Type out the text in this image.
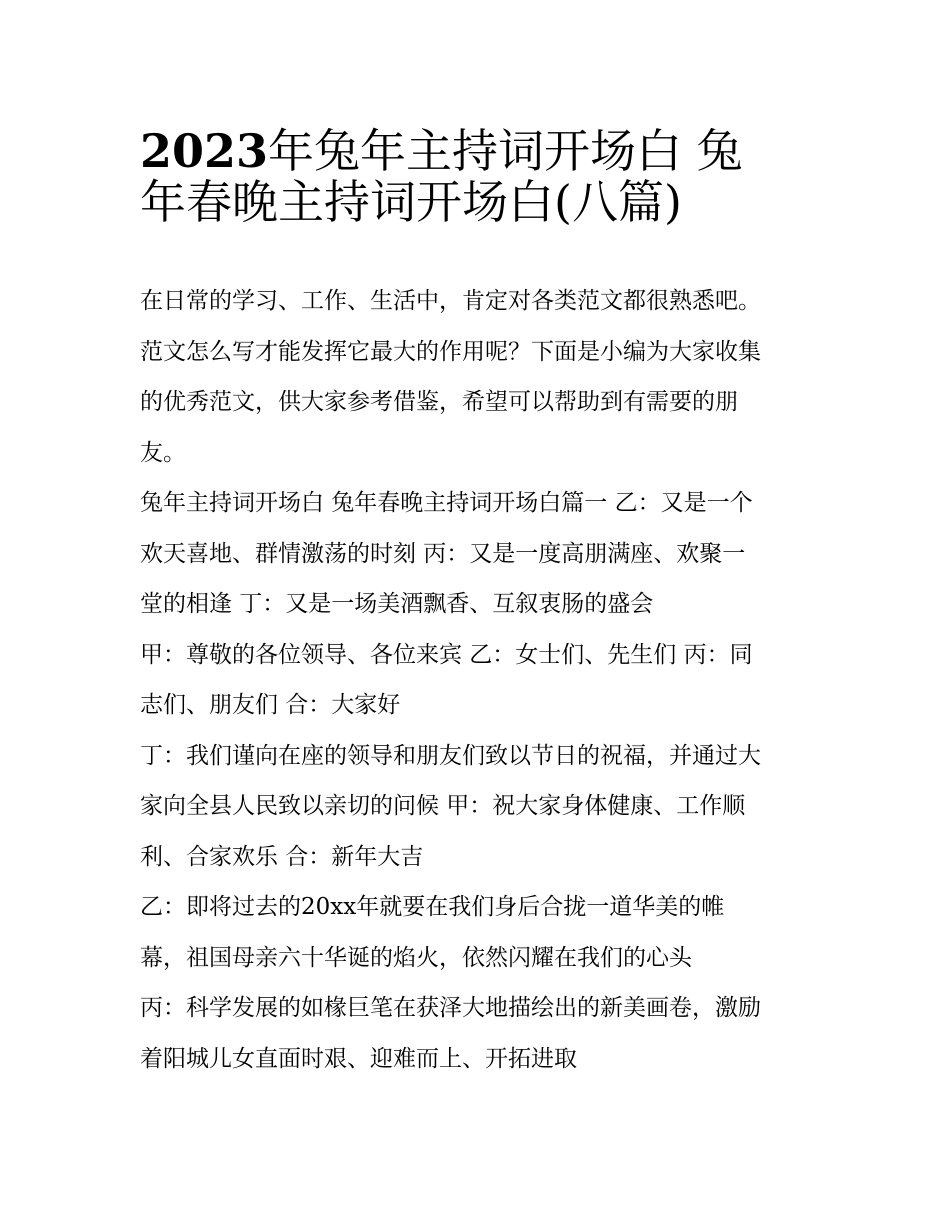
2023年兔年主持词开场白 兔
年春晚主持词开场白(八篇)
在日常的学习、工作、生活中，肯定对各类范文都很熟悉吧。
范文怎么写才能发挥它最大的作用呢？下面是小编为大家收集
的优秀范文，供大家参考借鉴，希望可以帮助到有需要的朋
友。
兔年主持词开场白 兔年春晚主持词开场白篇一 乙：又是一个
欢天喜地、群情激荡的时刻 丙：又是一度高朋满座、欢聚一
堂的相逢 丁：又是一场美酒飘香、互叙衷肠的盛会
甲：尊敬的各位领导、各位来宾 乙：女士们、先生们 丙：同
志们、朋友们 合：大家好
丁：我们谨向在座的领导和朋友们致以节日的祝福，并通过大
家向全县人民致以亲切的问候 甲：祝大家身体健康、工作顺
利、合家欢乐 合：新年大吉
乙：即将过去的20xx年就要在我们身后合拢一道华美的帷
幕，祖国母亲六十华诞的焰火，依然闪耀在我们的心头
丙：科学发展的如椽巨笔在获泽大地描绘出的新美画卷，激励
着阳城儿女直面时艰、迎难而上、开拓进取
